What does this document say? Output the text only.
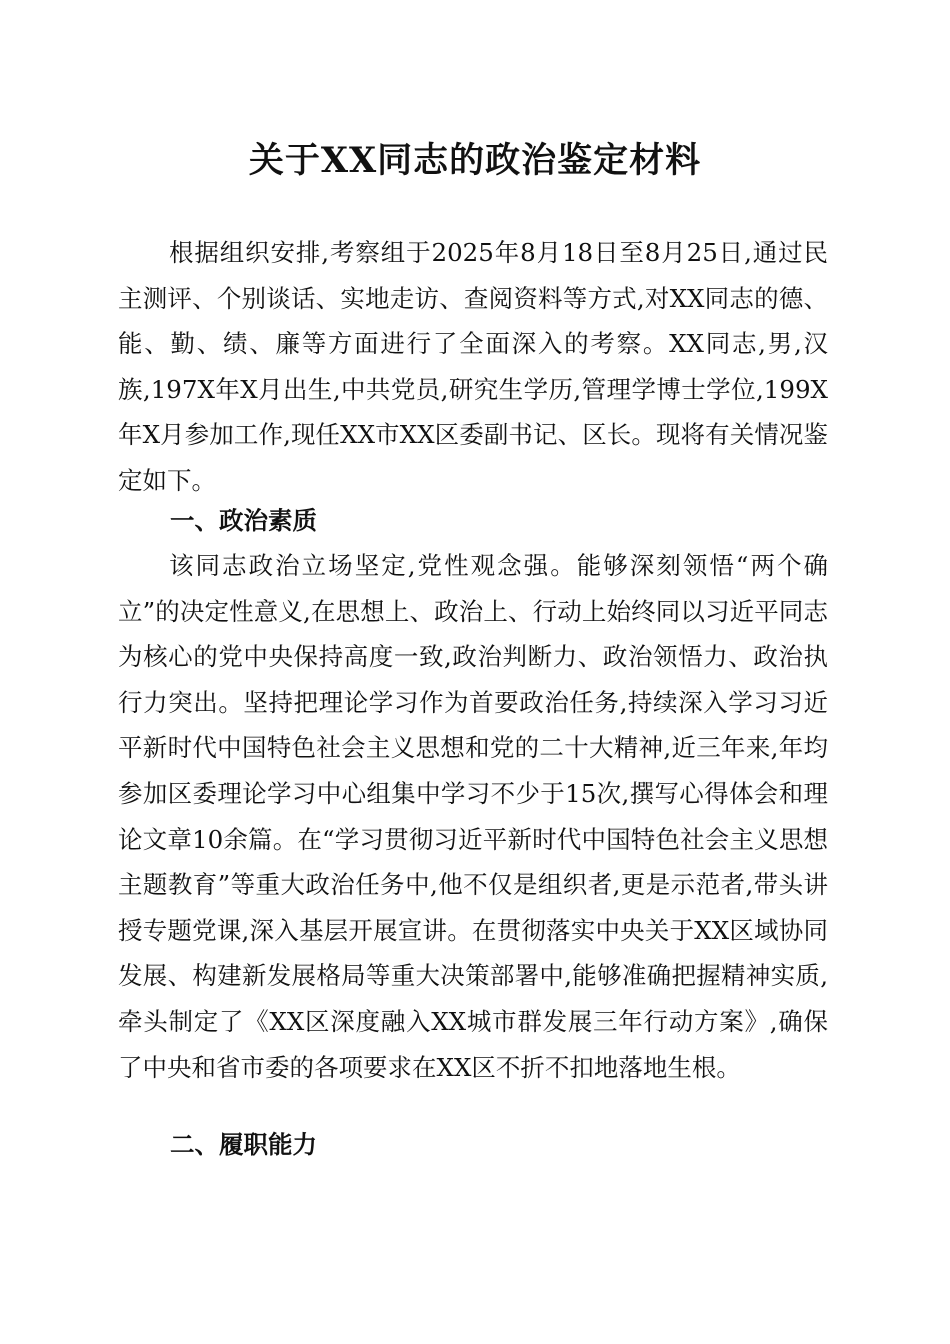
关于XX同志的政治鉴定材料

根据组织安排,考察组于2025年8月18日至8月25日,通过民主测评、个别谈话、实地走访、查阅资料等方式,对XX同志的德、能、勤、绩、廉等方面进行了全面深入的考察。XX同志,男,汉族,197X年X月出生,中共党员,研究生学历,管理学博士学位,199X年X月参加工作,现任XX市XX区委副书记、区长。现将有关情况鉴定如下。

一、政治素质

该同志政治立场坚定,党性观念强。能够深刻领悟“两个确立”的决定性意义,在思想上、政治上、行动上始终同以习近平同志为核心的党中央保持高度一致,政治判断力、政治领悟力、政治执行力突出。坚持把理论学习作为首要政治任务,持续深入学习习近平新时代中国特色社会主义思想和党的二十大精神,近三年来,年均参加区委理论学习中心组集中学习不少于15次,撰写心得体会和理论文章10余篇。在“学习贯彻习近平新时代中国特色社会主义思想主题教育”等重大政治任务中,他不仅是组织者,更是示范者,带头讲授专题党课,深入基层开展宣讲。在贯彻落实中央关于XX区域协同发展、构建新发展格局等重大决策部署中,能够准确把握精神实质,牵头制定了《XX区深度融入XX城市群发展三年行动方案》,确保了中央和省市委的各项要求在XX区不折不扣地落地生根。

二、履职能力
